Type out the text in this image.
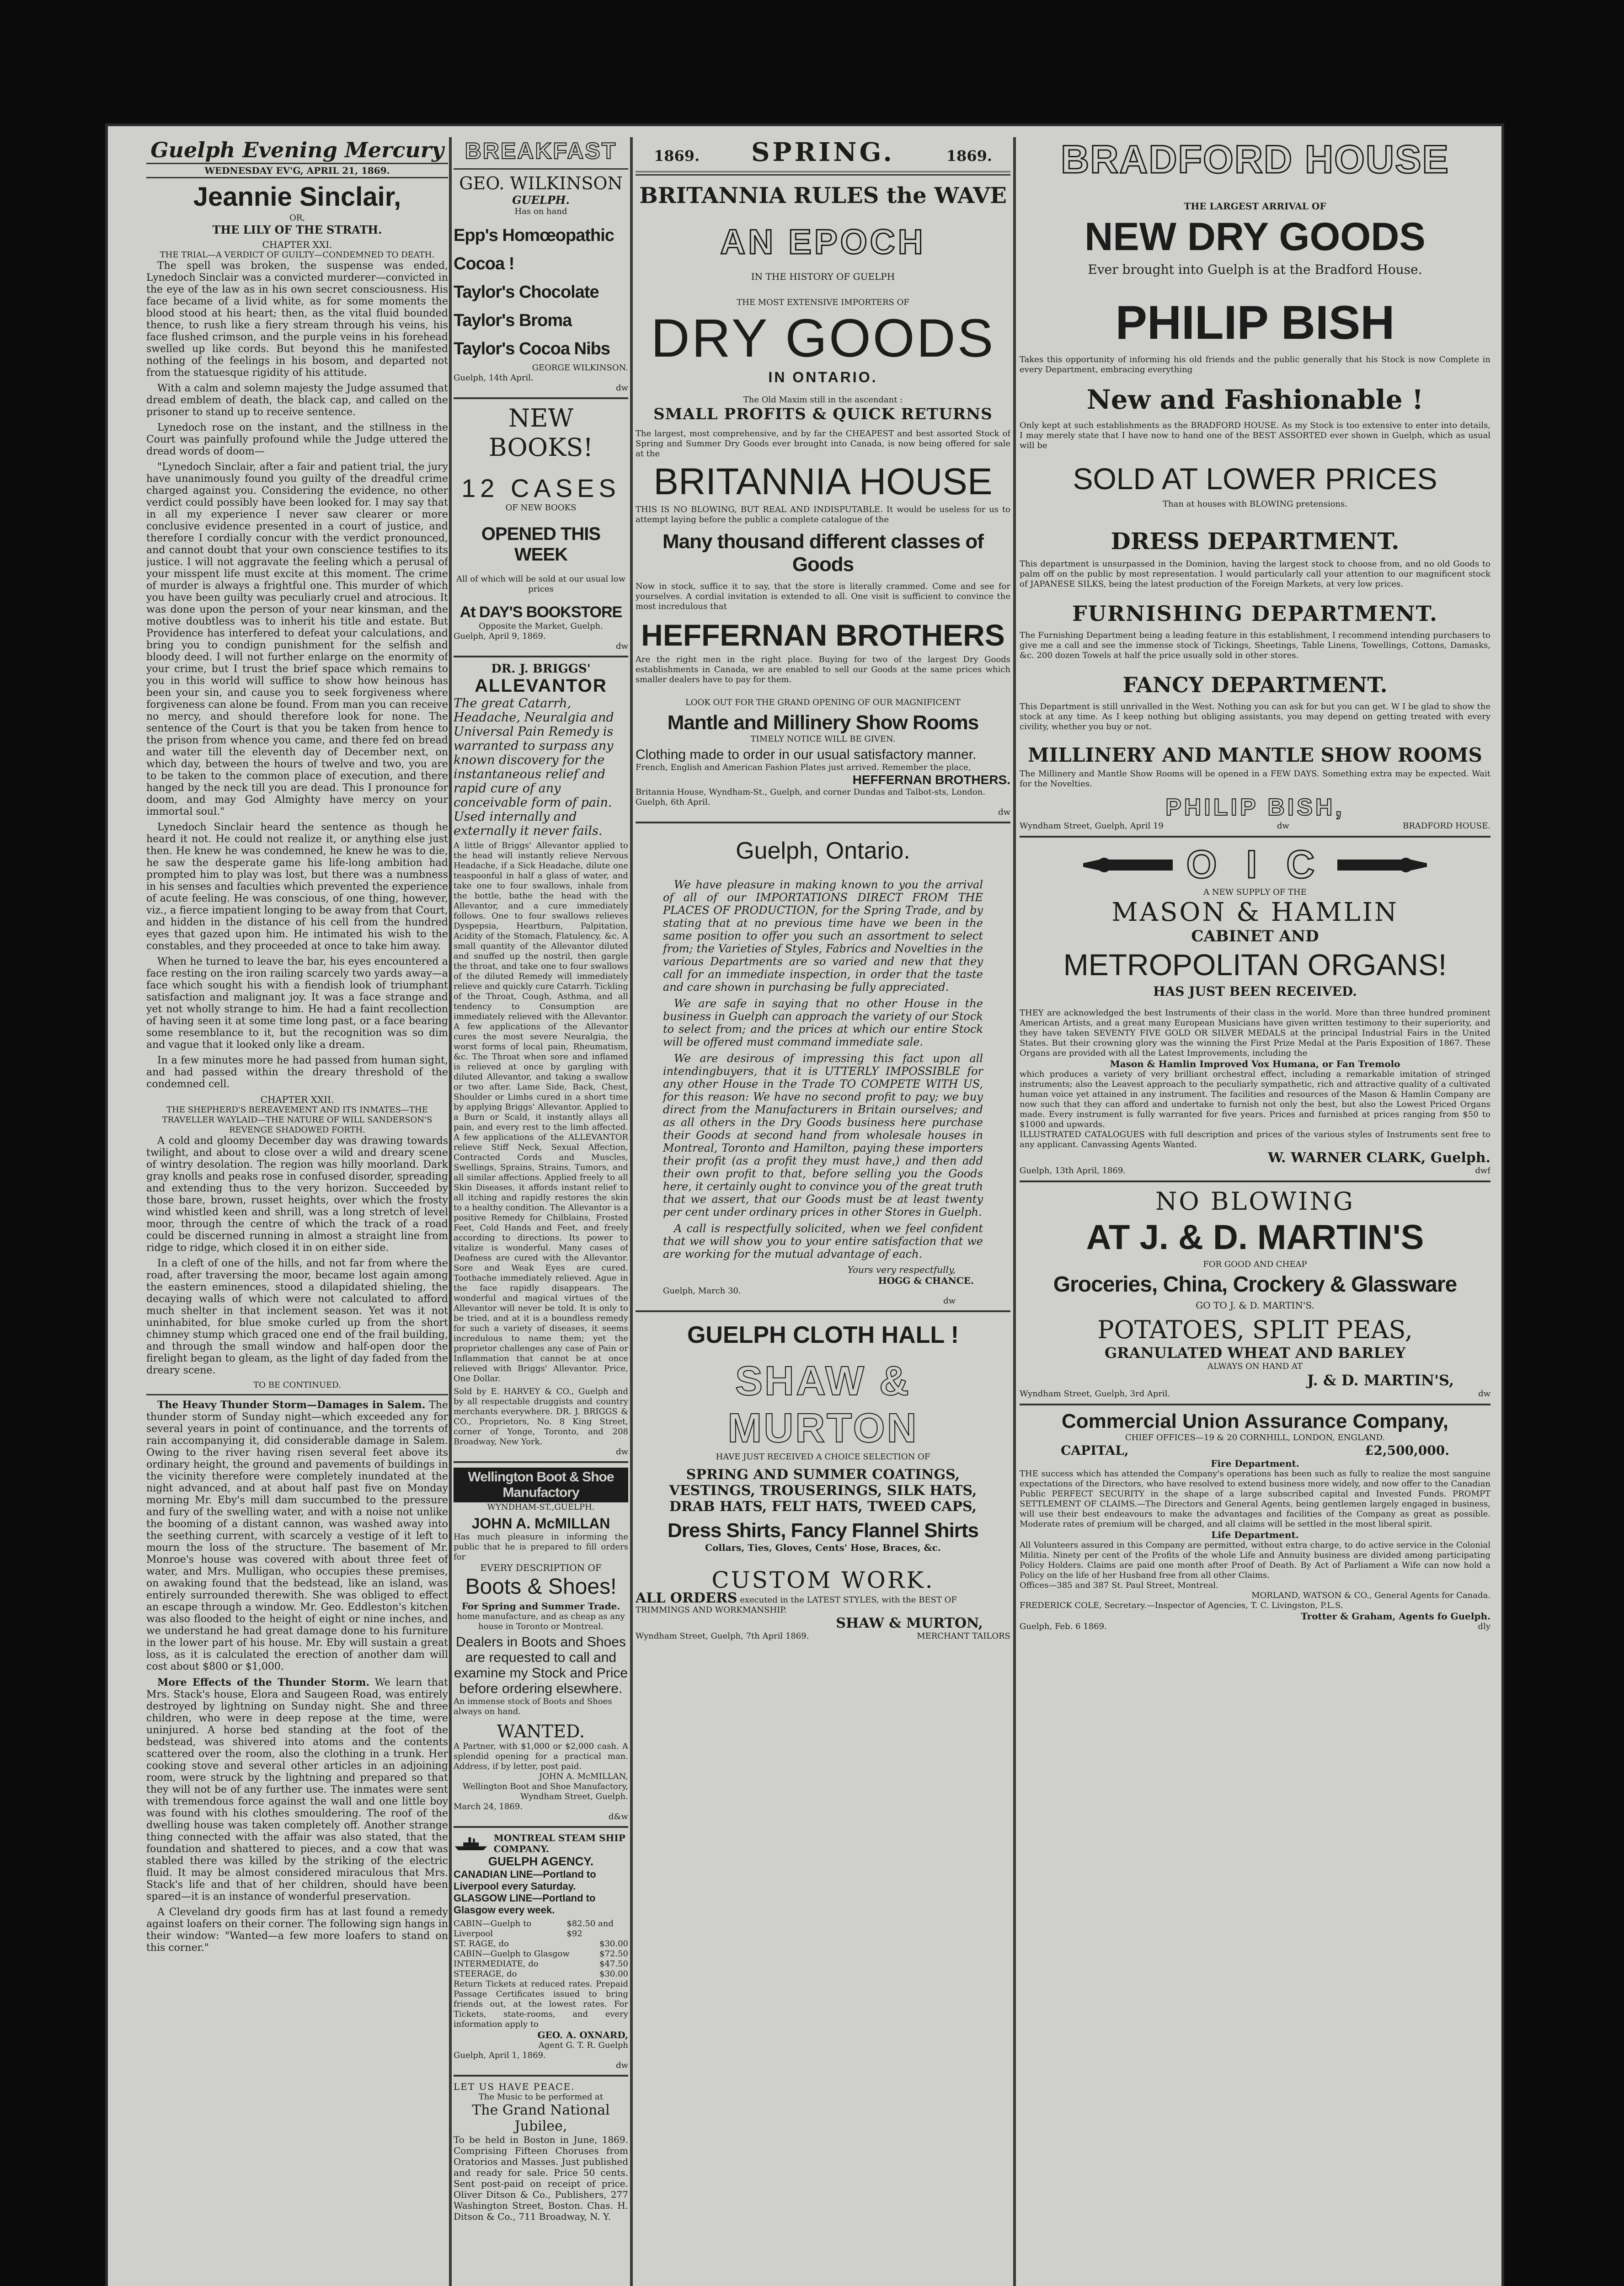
Guelph Evening Mercury
WEDNESDAY EV'G, APRIL 21, 1869.
Jeannie Sinclair,
OR,
THE LILY OF THE STRATH.
CHAPTER XXI.
THE TRIAL—A VERDICT OF GUILTY—CONDEMNED TO DEATH.

The spell was broken, the suspense was ended, Lynedoch Sinclair was a convicted murderer—convicted in the eye of the law as in his own secret consciousness. His face became of a livid white, as for some moments the blood stood at his heart; then, as the vital fluid bounded thence, to rush like a fiery stream through his veins, his face flushed crimson, and the purple veins in his forehead swelled up like cords. But beyond this he manifested nothing of the feelings in his bosom, and departed not from the statuesque rigidity of his attitude.

With a calm and solemn majesty the Judge assumed that dread emblem of death, the black cap, and called on the prisoner to stand up to receive sentence.

Lynedoch rose on the instant, and the stillness in the Court was painfully profound while the Judge uttered the dread words of doom—

"Lynedoch Sinclair, after a fair and patient trial, the jury have unanimously found you guilty of the dreadful crime charged against you. Considering the evidence, no other verdict could possibly have been looked for. I may say that in all my experience I never saw clearer or more conclusive evidence presented in a court of justice, and therefore I cordially concur with the verdict pronounced, and cannot doubt that your own conscience testifies to its justice. I will not aggravate the feeling which a perusal of your misspent life must excite at this moment. The crime of murder is always a frightful one. This murder of which you have been guilty was peculiarly cruel and atrocious. It was done upon the person of your near kinsman, and the motive doubtless was to inherit his title and estate. But Providence has interfered to defeat your calculations, and bring you to condign punishment for the selfish and bloody deed. I will not further enlarge on the enormity of your crime, but I trust the brief space which remains to you in this world will suffice to show how heinous has been your sin, and cause you to seek forgiveness where forgiveness can alone be found. From man you can receive no mercy, and should therefore look for none. The sentence of the Court is that you be taken from hence to the prison from whence you came, and there fed on bread and water till the eleventh day of December next, on which day, between the hours of twelve and two, you are to be taken to the common place of execution, and there hanged by the neck till you are dead. This I pronounce for doom, and may God Almighty have mercy on your immortal soul."

Lynedoch Sinclair heard the sentence as though he heard it not. He could not realize it, or anything else just then. He knew he was condemned, he knew he was to die, he saw the desperate game his life-long ambition had prompted him to play was lost, but there was a numbness in his senses and faculties which prevented the experience of acute feeling. He was conscious, of one thing, however, viz., a fierce impatient longing to be away from that Court, and hidden in the distance of his cell from the hundred eyes that gazed upon him. He intimated his wish to the constables, and they proceeded at once to take him away.

When he turned to leave the bar, his eyes encountered a face resting on the iron railing scarcely two yards away—a face which sought his with a fiendish look of triumphant satisfaction and malignant joy. It was a face strange and yet not wholly strange to him. He had a faint recollection of having seen it at some time long past, or a face bearing some resemblance to it, but the recognition was so dim and vague that it looked only like a dream.

In a few minutes more he had passed from human sight, and had passed within the dreary threshold of the condemned cell.

CHAPTER XXII.
THE SHEPHERD'S BEREAVEMENT AND ITS INMATES—THE TRAVELLER WAYLAID—THE NATURE OF WILL SANDERSON'S REVENGE SHADOWED FORTH.

A cold and gloomy December day was drawing towards twilight, and about to close over a wild and dreary scene of wintry desolation. The region was hilly moorland. Dark gray knolls and peaks rose in confused disorder, spreading and extending thus to the very horizon. Succeeded by those bare, brown, russet heights, over which the frosty wind whistled keen and shrill, was a long stretch of level moor, through the centre of which the track of a road could be discerned running in almost a straight line from ridge to ridge, which closed it in on either side.

In a cleft of one of the hills, and not far from where the road, after traversing the moor, became lost again among the eastern eminences, stood a dilapidated shieling, the decaying walls of which were not calculated to afford much shelter in that inclement season. Yet was it not uninhabited, for blue smoke curled up from the short chimney stump which graced one end of the frail building, and through the small window and half-open door the firelight began to gleam, as the light of day faded from the dreary scene.

TO BE CONTINUED.

The Heavy Thunder Storm—Damages in Salem. The thunder storm of Sunday night—which exceeded any for several years in point of continuance, and the torrents of rain accompanying it, did considerable damage in Salem. Owing to the river having risen several feet above its ordinary height, the ground and pavements of buildings in the vicinity therefore were completely inundated at the night advanced, and at about half past five on Monday morning Mr. Eby's mill dam succumbed to the pressure and fury of the swelling water, and with a noise not unlike the booming of a distant cannon, was washed away into the seething current, with scarcely a vestige of it left to mourn the loss of the structure. The basement of Mr. Monroe's house was covered with about three feet of water, and Mrs. Mulligan, who occupies these premises, on awaking found that the bedstead, like an island, was entirely surrounded therewith. She was obliged to effect an escape through a window. Mr. Geo. Eddleston's kitchen was also flooded to the height of eight or nine inches, and we understand he had great damage done to his furniture in the lower part of his house. Mr. Eby will sustain a great loss, as it is calculated the erection of another dam will cost about $800 or $1,000.

More Effects of the Thunder Storm. We learn that Mrs. Stack's house, Elora and Saugeen Road, was entirely destroyed by lightning on Sunday night. She and three children, who were in deep repose at the time, were uninjured. A horse bed standing at the foot of the bedstead, was shivered into atoms and the contents scattered over the room, also the clothing in a trunk. Her cooking stove and several other articles in an adjoining room, were struck by the lightning and prepared so that they will not be of any further use. The inmates were sent with tremendous force against the wall and one little boy was found with his clothes smouldering. The roof of the dwelling house was taken completely off. Another strange thing connected with the affair was also stated, that the foundation and shattered to pieces, and a cow that was stabled there was killed by the striking of the electric fluid. It may be almost considered miraculous that Mrs. Stack's life and that of her children, should have been spared—it is an instance of wonderful preservation.

A Cleveland dry goods firm has at last found a remedy against loafers on their corner. The following sign hangs in their window: "Wanted—a few more loafers to stand on this corner."

BREAKFAST
GEO. WILKINSON
GUELPH.
Has on hand
Epp's Homœopathic Cocoa !
Taylor's Chocolate
Taylor's Broma
Taylor's Cocoa Nibs
GEORGE WILKINSON.
Guelph, 14th April.
dw
NEW BOOKS!
12 CASES
OF NEW BOOKS
OPENED THIS WEEK
All of which will be sold at our usual low prices
At DAY'S BOOKSTORE
Opposite the Market, Guelph.
Guelph, April 9, 1869.
dw
DR. J. BRIGGS'
ALLEVANTOR
The great Catarrh, Headache, Neuralgia and Universal Pain Remedy is warranted to surpass any known discovery for the instantaneous relief and rapid cure of any conceivable form of pain. Used internally and externally it never fails.
A little of Briggs' Allevantor applied to the head will instantly relieve Nervous Headache, if a Sick Headache, dilute one teaspoonful in half a glass of water, and take one to four swallows, inhale from the bottle, bathe the head with the Allevantor, and a cure immediately follows. One to four swallows relieves Dyspepsia, Heartburn, Palpitation, Acidity of the Stomach, Flatulency, &c. A small quantity of the Allevantor diluted and snuffed up the nostril, then gargle the throat, and take one to four swallows of the diluted Remedy will immediately relieve and quickly cure Catarrh. Tickling of the Throat, Cough, Asthma, and all tendency to Consumption are immediately relieved with the Allevantor. A few applications of the Allevantor cures the most severe Neuralgia, the worst forms of local pain, Rheumatism, &c. The Throat when sore and inflamed is relieved at once by gargling with diluted Allevantor, and taking a swallow or two after. Lame Side, Back, Chest, Shoulder or Limbs cured in a short time by applying Briggs' Allevantor. Applied to a Burn or Scald, it instantly allays all pain, and every rest to the limb affected. A few applications of the ALLEVANTOR relieve Stiff Neck, Sexual Affection, Contracted Cords and Muscles, Swellings, Sprains, Strains, Tumors, and all similar affections. Applied freely to all Skin Diseases, it affords instant relief to all itching and rapidly restores the skin to a healthy condition. The Allevantor is a positive Remedy for Chilblains, Frosted Feet, Cold Hands and Feet, and freely according to directions. Its power to vitalize is wonderful. Many cases of Deafness are cured with the Allevantor. Sore and Weak Eyes are cured. Toothache immediately relieved. Ague in the face rapidly disappears. The wonderful and magical virtues of the Allevantor will never be told. It is only to be tried, and at it is a boundless remedy for such a variety of diseases, it seems incredulous to name them; yet the proprietor challenges any case of Pain or Inflammation that cannot be at once relieved with Briggs' Allevantor. Price, One Dollar.
Sold by E. HARVEY & CO., Guelph and by all respectable druggists and country merchants everywhere. DR. J. BRIGGS & CO., Proprietors, No. 8 King Street, corner of Yonge, Toronto, and 208 Broadway, New York.
dw
Wellington Boot & Shoe Manufactory
WYNDHAM-ST.,GUELPH.
JOHN A. McMILLAN
Has much pleasure in informing the public that he is prepared to fill orders for
EVERY DESCRIPTION OF
Boots & Shoes!
For Spring and Summer Trade.
home manufacture, and as cheap as any house in Toronto or Montreal.
Dealers in Boots and Shoes are requested to call and examine my Stock and Price before ordering elsewhere.
An immense stock of Boots and Shoes always on hand.
WANTED.
A Partner, with $1,000 or $2,000 cash. A splendid opening for a practical man. Address, if by letter, post paid.
JOHN A. McMILLAN,
Wellington Boot and Shoe Manufactory,
Wyndham Street, Guelph.
March 24, 1869.
d&w
MONTREAL STEAM SHIP COMPANY.
GUELPH AGENCY.
CANADIAN LINE—Portland to Liverpool every Saturday.
GLASGOW LINE—Portland to Glasgow every week.
CABIN—Guelph to Liverpool
$82.50 and $92
ST. RAGE, do	$30.00
CABIN—Guelph to Glasgow	$72.50
INTERMEDIATE, do	$47.50
STEERAGE, do	$30.00
Return Tickets at reduced rates. Prepaid Passage Certificates issued to bring friends out, at the lowest rates. For Tickets, state-rooms, and every information apply to
GEO. A. OXNARD,
Agent G. T. R. Guelph
Guelph, April 1, 1869.
dw
LET US HAVE PEACE.
The Music to be performed at
The Grand National Jubilee,
To be held in Boston in June, 1869. Comprising Fifteen Choruses from Oratorios and Masses. Just published and ready for sale. Price 50 cents. Sent post-paid on receipt of price. Oliver Ditson & Co., Publishers, 277 Washington Street, Boston. Chas. H. Ditson & Co., 711 Broadway, N. Y.
1869. SPRING.	1869.
BRITANNIA RULES the WAVE
AN EPOCH
IN THE HISTORY OF GUELPH
THE MOST EXTENSIVE IMPORTERS OF
DRY GOODS
IN ONTARIO.
The Old Maxim still in the ascendant :
SMALL PROFITS & QUICK RETURNS
The largest, most comprehensive, and by far the CHEAPEST and best assorted Stock of Spring and Summer Dry Goods ever brought into Canada, is now being offered for sale at the
BRITANNIA HOUSE
THIS IS NO BLOWING, BUT REAL AND INDISPUTABLE. It would be useless for us to attempt laying before the public a complete catalogue of the
Many thousand different classes of Goods
Now in stock, suffice it to say, that the store is literally crammed. Come and see for yourselves. A cordial invitation is extended to all. One visit is sufficient to convince the most incredulous that
HEFFERNAN BROTHERS
Are the right men in the right place. Buying for two of the largest Dry Goods establishments in Canada, we are enabled to sell our Goods at the same prices which smaller dealers have to pay for them.
LOOK OUT FOR THE GRAND OPENING OF OUR MAGNIFICENT
Mantle and Millinery Show Rooms
TIMELY NOTICE WILL BE GIVEN.
Clothing made to order in our usual satisfactory manner.
French, English and American Fashion Plates just arrived. Remember the place,
HEFFERNAN BROTHERS.
Britannia House, Wyndham-St., Guelph, and corner Dundas and Talbot-sts, London.
Guelph, 6th April.
dw
Guelph, Ontario.

We have pleasure in making known to you the arrival of all of our IMPORTATIONS DIRECT FROM THE PLACES OF PRODUCTION, for the Spring Trade, and by stating that at no previous time have we been in the same position to offer you such an assortment to select from; the Varieties of Styles, Fabrics and Novelties in the various Departments are so varied and new that they call for an immediate inspection, in order that the taste and care shown in purchasing be fully appreciated.

We are safe in saying that no other House in the business in Guelph can approach the variety of our Stock to select from; and the prices at which our entire Stock will be offered must command immediate sale.

We are desirous of impressing this fact upon all intendingbuyers, that it is UTTERLY IMPOSSIBLE for any other House in the Trade TO COMPETE WITH US, for this reason: We have no second profit to pay; we buy direct from the Manufacturers in Britain ourselves; and as all others in the Dry Goods business here purchase their Goods at second hand from wholesale houses in Montreal, Toronto and Hamilton, paying these importers their profit (as a profit they must have,) and then add their own profit to that, before selling you the Goods here, it certainly ought to convince you of the great truth that we assert, that our Goods must be at least twenty per cent under ordinary prices in other Stores in Guelph.

A call is respectfully solicited, when we feel confident that we will show you to your entire satisfaction that we are working for the mutual advantage of each.

Yours very respectfully,
HOGG & CHANCE.
Guelph, March 30.
dw
GUELPH CLOTH HALL !
SHAW & MURTON
HAVE JUST RECEIVED A CHOICE SELECTION OF
SPRING AND SUMMER COATINGS,
VESTINGS, TROUSERINGS, SILK HATS,
DRAB HATS, FELT HATS, TWEED CAPS,
Dress Shirts, Fancy Flannel Shirts
Collars, Ties, Gloves, Cents' Hose, Braces, &c.
CUSTOM WORK.
ALL ORDERS executed in the LATEST STYLES, with the BEST OF TRIMMINGS AND WORKMANSHIP.
SHAW & MURTON,
Wyndham Street, Guelph, 7th April 1869.	MERCHANT TAILORS
BRADFORD HOUSE
THE LARGEST ARRIVAL OF
NEW DRY GOODS
Ever brought into Guelph is at the Bradford House.
PHILIP BISH
Takes this opportunity of informing his old friends and the public generally that his Stock is now Complete in every Department, embracing everything
New and Fashionable !
Only kept at such establishments as the BRADFORD HOUSE. As my Stock is too extensive to enter into details, I may merely state that I have now to hand one of the BEST ASSORTED ever shown in Guelph, which as usual will be
SOLD AT LOWER PRICES
Than at houses with BLOWING pretensions.
DRESS DEPARTMENT.
This department is unsurpassed in the Dominion, having the largest stock to choose from, and no old Goods to palm off on the public by most representation. I would particularly call your attention to our magnificent stock of JAPANESE SILKS, being the latest production of the Foreign Markets, at very low prices.
FURNISHING DEPARTMENT.
The Furnishing Department being a leading feature in this establishment, I recommend intending purchasers to give me a call and see the immense stock of Tickings, Sheetings, Table Linens, Towellings, Cottons, Damasks, &c. 200 dozen Towels at half the price usually sold in other stores.
FANCY DEPARTMENT.
This Department is still unrivalled in the West. Nothing you can ask for but you can get. W I be glad to show the stock at any time. As I keep nothing but obliging assistants, you may depend on getting treated with every civility, whether you buy or not.
MILLINERY AND MANTLE SHOW ROOMS
The Millinery and Mantle Show Rooms will be opened in a FEW DAYS. Something extra may be expected. Wait for the Novelties.
PHILIP BISH,
Wyndham Street, Guelph, April 19	dw	BRADFORD HOUSE.
O I C
A NEW SUPPLY OF THE
MASON & HAMLIN
CABINET AND
METROPOLITAN ORGANS!
HAS JUST BEEN RECEIVED.
THEY are acknowledged the best Instruments of their class in the world. More than three hundred prominent American Artists, and a great many European Musicians have given written testimony to their superiority, and they have taken SEVENTY FIVE GOLD OR SILVER MEDALS at the principal Industrial Fairs in the United States. But their crowning glory was the winning the First Prize Medal at the Paris Exposition of 1867. These Organs are provided with all the Latest Improvements, including the
Mason & Hamlin Improved Vox Humana, or Fan Tremolo
which produces a variety of very brilliant orchestral effect, including a remarkable imitation of stringed instruments; also the Leavest approach to the peculiarly sympathetic, rich and attractive quality of a cultivated human voice yet attained in any instrument. The facilities and resources of the Mason & Hamlin Company are now such that they can afford and undertake to furnish not only the best, but also the Lowest Priced Organs made. Every instrument is fully warranted for five years. Prices and furnished at prices ranging from $50 to $1000 and upwards.
ILLUSTRATED CATALOGUES with full description and prices of the various styles of Instruments sent free to any applicant. Canvassing Agents Wanted.
W. WARNER CLARK, Guelph.
Guelph, 13th April, 1869.	dwf
NO BLOWING
AT J. & D. MARTIN'S
FOR GOOD AND CHEAP
Groceries, China, Crockery & Glassware
GO TO J. & D. MARTIN'S.
POTATOES, SPLIT PEAS,
GRANULATED WHEAT AND BARLEY
ALWAYS ON HAND AT
J. & D. MARTIN'S,
Wyndham Street, Guelph, 3rd April.	dw
Commercial Union Assurance Company,
CHIEF OFFICES—19 & 20 CORNHILL, LONDON, ENGLAND.
CAPITAL,	£2,500,000.
Fire Department.
THE success which has attended the Company's operations has been such as fully to realize the most sanguine expectations of the Directors, who have resolved to extend business more widely, and now offer to the Canadian Public PERFECT SECURITY in the shape of a large subscribed capital and Invested Funds. PROMPT SETTLEMENT OF CLAIMS.—The Directors and General Agents, being gentlemen largely engaged in business, will use their best endeavours to make the advantages and facilities of the Company as great as possible. Moderate rates of premium will be charged, and all claims will be settled in the most liberal spirit.
Life Department.
All Volunteers assured in this Company are permitted, without extra charge, to do active service in the Colonial Militia. Ninety per cent of the Profits of the whole Life and Annuity business are divided among participating Policy Holders. Claims are paid one month after Proof of Death. By Act of Parliament a Wife can now hold a Policy on the life of her Husband free from all other Claims.
Offices—385 and 387 St. Paul Street, Montreal.
MORLAND, WATSON & CO., General Agents for Canada.
FREDERICK COLE, Secretary.—Inspector of Agencies, T. C. Livingston, P.L.S.
Trotter & Graham, Agents fo Guelph.
Guelph, Feb. 6 1869.	dly
